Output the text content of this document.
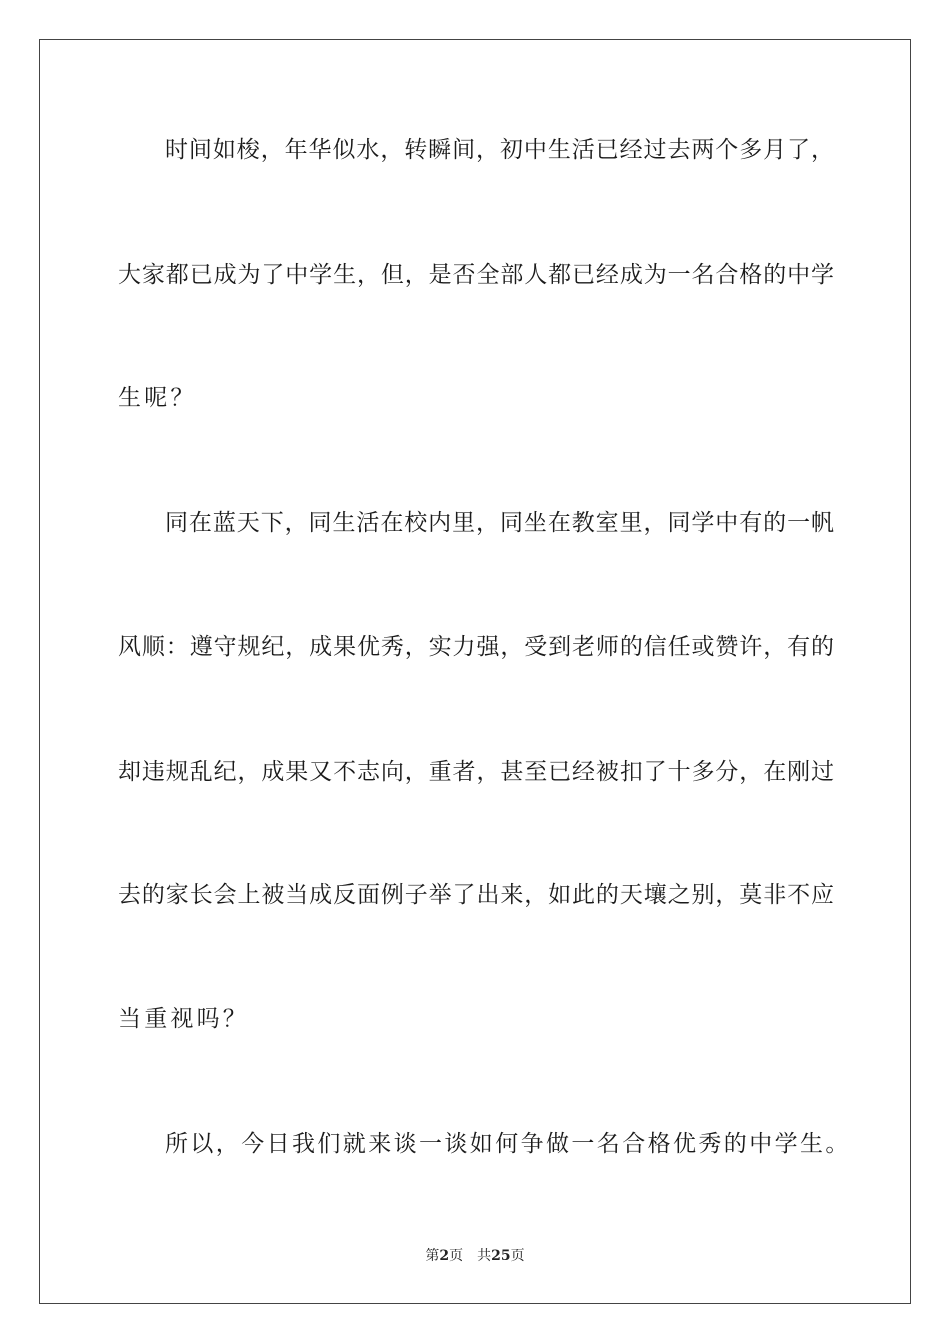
时间如梭，年华似水，转瞬间，初中生活已经过去两个多月了，
大家都已成为了中学生，但，是否全部人都已经成为一名合格的中学
生呢？
同在蓝天下，同生活在校内里，同坐在教室里，同学中有的一帆
风顺：遵守规纪，成果优秀，实力强，受到老师的信任或赞许，有的
却违规乱纪，成果又不志向，重者，甚至已经被扣了十多分，在刚过
去的家长会上被当成反面例子举了出来，如此的天壤之别，莫非不应
当重视吗？
所以，今日我们就来谈一谈如何争做一名合格优秀的中学生。
第2页 共25页
